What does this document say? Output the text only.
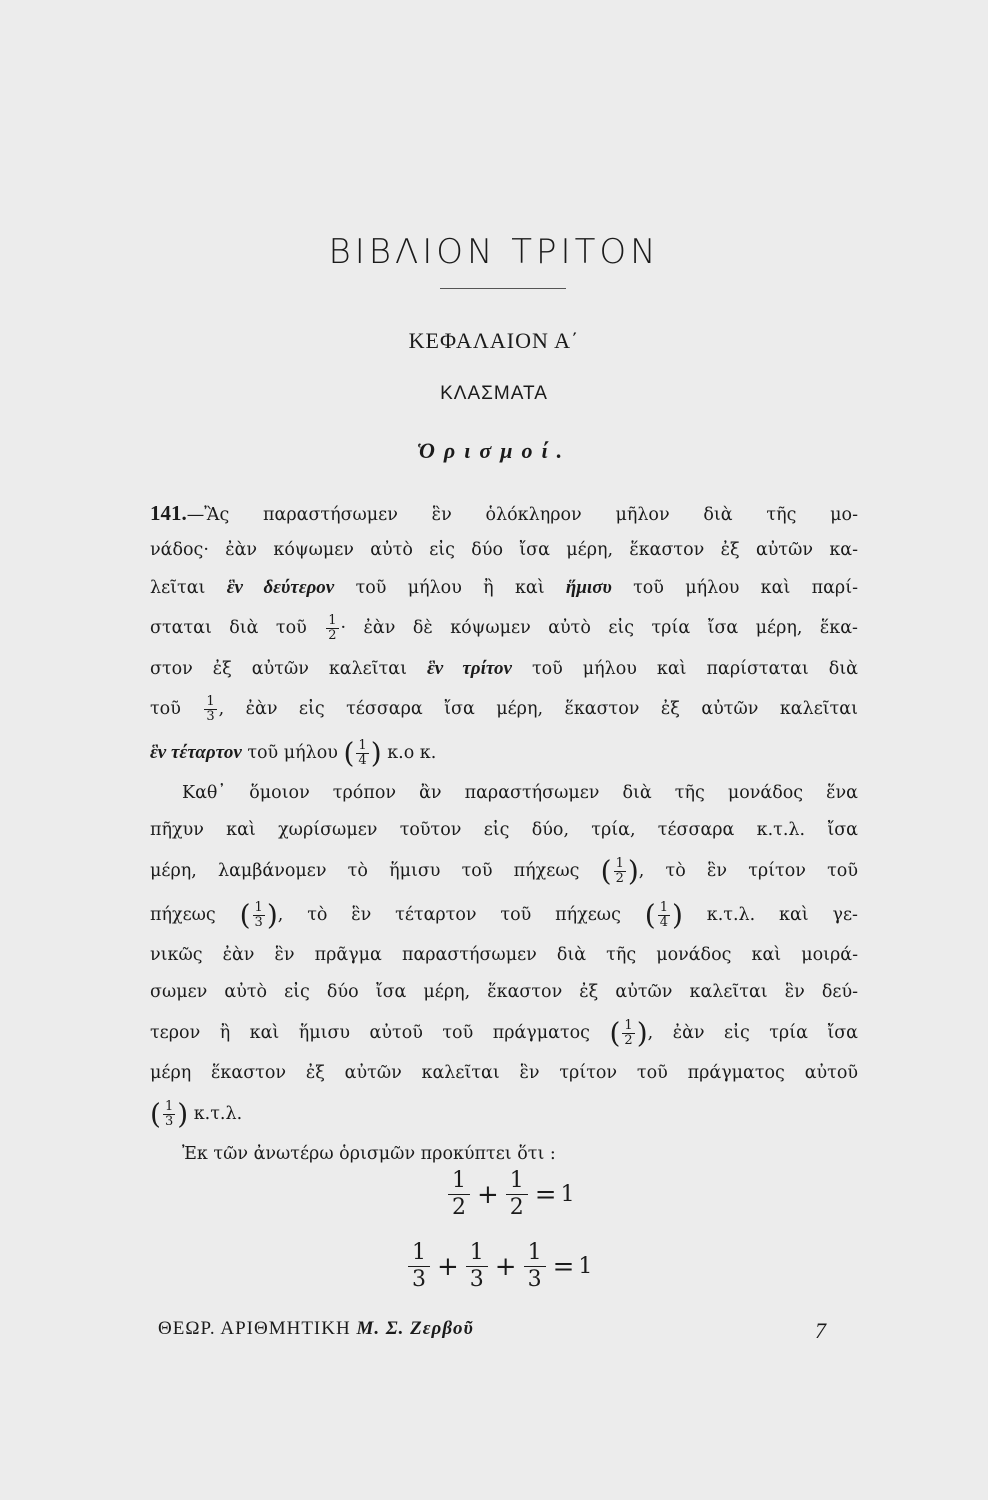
ΒΙΒΛΙΟΝ ΤΡΙΤΟΝ
ΚΕΦΑΛΑΙΟΝ Α΄
ΚΛΑΣΜΑΤΑ
Ὁρισμοί.
141.—Ἂς παραστήσωμεν ἓν ὁλόκληρον μῆλον διὰ τῆς μο-
νάδος· ἐὰν κόψωμεν αὐτὸ εἰς δύο ἴσα μέρη, ἕκαστον ἐξ αὐτῶν κα-
λεῖται ἓν δεύτερον τοῦ μήλου ἢ καὶ ἥμισυ τοῦ μήλου καὶ παρί-
σταται διὰ τοῦ $\frac{1}{2}$ · ἐὰν δὲ κόψωμεν αὐτὸ εἰς τρία ἴσα μέρη, ἕκα-
στον ἐξ αὐτῶν καλεῖται ἓν τρίτον τοῦ μήλου καὶ παρίσταται διὰ
τοῦ $\frac{1}{3}$ , ἐὰν εἰς τέσσαρα ἴσα μέρη, ἕκαστον ἐξ αὐτῶν καλεῖται
ἓν τέταρτον τοῦ μήλου ( $\frac{1}{4}$ ) κ.ο κ.
Καθ᾽ ὅμοιον τρόπον ἂν παραστήσωμεν διὰ τῆς μονάδος ἕνα
πῆχυν καὶ χωρίσωμεν τοῦτον εἰς δύο, τρία, τέσσαρα κ.τ.λ. ἴσα
μέρη, λαμβάνομεν τὸ ἥμισυ τοῦ πήχεως ( $\frac{1}{2}$ ), τὸ ἓν τρίτον τοῦ
πήχεως ( $\frac{1}{3}$ ), τὸ ἓν τέταρτον τοῦ πήχεως ( $\frac{1}{4}$ ) κ.τ.λ. καὶ γε-
νικῶς ἐὰν ἓν πρᾶγμα παραστήσωμεν διὰ τῆς μονάδος καὶ μοιρά-
σωμεν αὐτὸ εἰς δύο ἴσα μέρη, ἕκαστον ἐξ αὐτῶν καλεῖται ἓν δεύ-
τερον ἢ καὶ ἥμισυ αὐτοῦ τοῦ πράγματος ( $\frac{1}{2}$ ), ἐὰν εἰς τρία ἴσα
μέρη ἕκαστον ἐξ αὐτῶν καλεῖται ἓν τρίτον τοῦ πράγματος αὐτοῦ
( $\frac{1}{3}$ ) κ.τ.λ.
Ἐκ τῶν ἀνωτέρω ὁρισμῶν προκύπτει ὅτι :
1
$2 + \frac{1}{2} = 1$
1
$3 + \frac{1}{3} + \frac{1}{3} = 1$
ΘΕΩΡ. ΑΡΙΘΜΗΤΙΚΗ Μ. Σ. Ζερβοῦ	7
